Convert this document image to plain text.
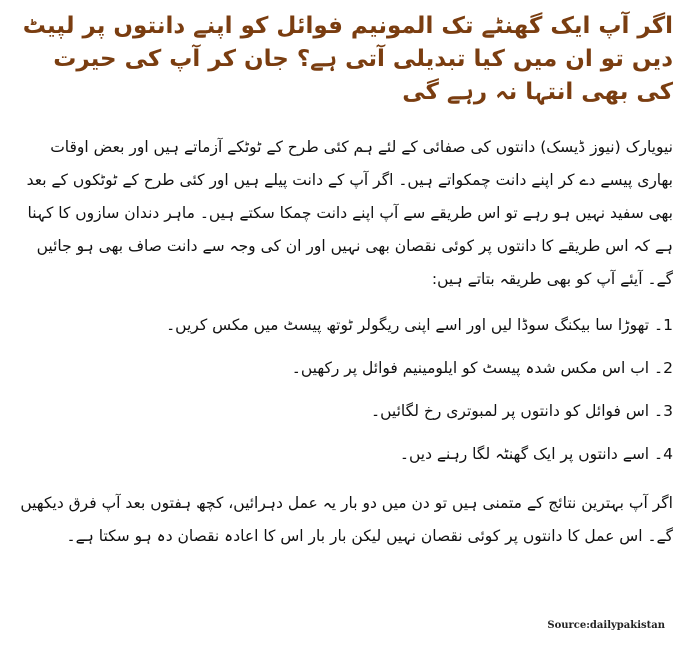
اگر آپ ایک گھنٹے تک المونیم فوائل کو اپنے دانتوں پر لپیٹ دیں تو ان میں کیا تبدیلی آتی ہے؟ جان کر آپ کی حیرت کی بھی انتہا نہ رہے گی

نیویارک (نیوز ڈیسک) دانتوں کی صفائی کے لئے ہم کئی طرح کے ٹوٹکے آزماتے ہیں اور بعض اوقات بھاری پیسے دے کر اپنے دانت چمکواتے ہیں۔ اگر آپ کے دانت پیلے ہیں اور کئی طرح کے ٹوٹکوں کے بعد بھی سفید نہیں ہو رہے تو اس طریقے سے آپ اپنے دانت چمکا سکتے ہیں۔ ماہر دندان سازوں کا کہنا ہے کہ اس طریقے کا دانتوں پر کوئی نقصان بھی نہیں اور ان کی وجہ سے دانت صاف بھی ہو جائیں گے۔ آیئے آپ کو بھی طریقہ بتاتے ہیں:

1۔ تھوڑا سا بیکنگ سوڈا لیں اور اسے اپنی ریگولر ٹوتھ پیسٹ میں مکس کریں۔

2۔ اب اس مکس شدہ پیسٹ کو ایلومینیم فوائل پر رکھیں۔

3۔ اس فوائل کو دانتوں پر لمبوتری رخ لگائیں۔

4۔ اسے دانتوں پر ایک گھنٹہ لگا رہنے دیں۔

اگر آپ بہترین نتائج کے متمنی ہیں تو دن میں دو بار یہ عمل دہرائیں، کچھ ہفتوں بعد آپ فرق دیکھیں گے۔ اس عمل کا دانتوں پر کوئی نقصان نہیں لیکن بار بار اس کا اعادہ نقصان دہ ہو سکتا ہے۔

Source:dailypakistan
